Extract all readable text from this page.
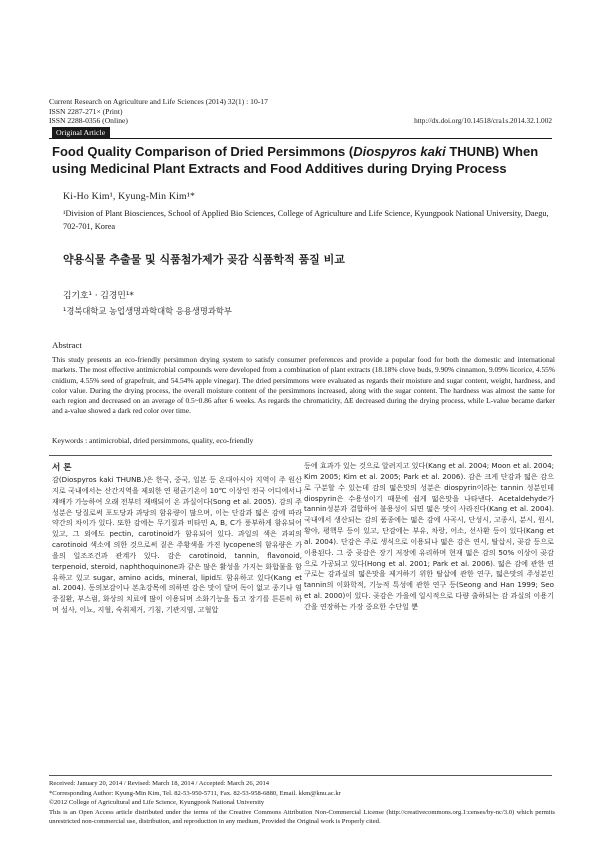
Current Research on Agriculture and Life Sciences (2014) 32(1) : 10-17
ISSN 2287-271× (Print)
ISSN 2288-0356 (Online)	http://dx.doi.org/10.14518/cra1s.2014.32.1.002
Original Article
Food Quality Comparison of Dried Persimmons (Diospyros kaki THUNB) When using Medicinal Plant Extracts and Food Additives during Drying Process
Ki-Ho Kim¹, Kyung-Min Kim¹*
¹Division of Plant Biosciences, School of Applied Bio Sciences, College of Agriculture and Life Science, Kyungpook National University, Daegu, 702-701, Korea
약용식물 추출물 및 식품첨가제가 곶감 식품학적 품질 비교
김기호¹ · 김경민¹*
¹경북대학교 농업생명과학대학 응용생명과학부
Abstract
This study presents an eco-friendly persimmon drying system to satisfy consumer preferences and provide a popular food for both the domestic and international markets. The most effective antimicrobial compounds were developed from a combination of plant extracts (18.18% clove buds, 9.90% cinnamon, 9.09% licorice, 4.55% cnidium, 4.55% seed of grapefruit, and 54.54% apple vinegar). The dried persimmons were evaluated as regards their moisture and sugar content, weight, hardness, and color value. During the drying process, the overall moisture content of the persimmons increased, along with the sugar content. The hardness was almost the same for each region and decreased on an average of 0.5~0.86 after 6 weeks. As regards the chromaticity, ΔE decreased during the drying process, while L-value became darker and a-value showed a dark red color over time.
Keywords : antimicrobial, dried persimmons, quality, eco-friendly
서 론
감(Diospyros kaki THUNB.)은 한국, 중국, 일본 등 온대아시아 지역이 주 원산지로 국내에서는 산간지역을 제외한 연 평균기온이 10℃ 이상인 전국 어디에서나 재배가 가능하여 오래 전부터 재배되어 온 과실이다(Song et al. 2005). 감의 주성분은 당질로써 포도당과 과당의 함유량이 많으며, 이는 단감과 떫은 감에 따라 약간의 차이가 있다. 또한 감에는 무기질과 비타민 A, B, C가 풍부하게 함유되어 있고, 그 외에도 pectin, carotinoid가 함유되어 있다. 과일의 색은 과피의 carotinoid 색소에 의한 것으로써 짙은 주황색을 가진 lycopene의 함유량은 가을의 일조조건과 관계가 있다. 감은 carotinoid, tannin, flavonoid, terpenoid, steroid, naphthoquinone과 같은 많은 활성을 가지는 화합물을 함유하고 있고 sugar, amino acids, mineral, lipid도 함유하고 있다(Kang et al. 2004). 동의보감이나 본초강목에 의하면 감은 맛이 달며 독이 없고 종기나 염증질환, 부스럼, 화상의 치료에 많이 이용되며 소화기능을 돕고 장기를 튼튼히 하며 설사, 이뇨, 지혈, 숙취제거, 기침, 기관지염, 고혈압
등에 효과가 있는 것으로 알려지고 있다(Kang et al. 2004; Moon et al. 2004; Kim 2005; Kim et al. 2005; Park et al. 2006). 감은 크게 단감과 떫은 감으로 구분할 수 있는데 감의 떫은맛의 성분은 diospyrin이라는 tannin 성분인데 diospyrin은 수용성이기 때문에 쉽게 떫은맛을 나타낸다. Acetaldehyde가 tannin성분과 결합하여 불용성이 되면 떫은 맛이 사라진다(Kang et al. 2004). 국내에서 생산되는 감의 품종에는 떫은 감에 사곡시, 단성시, 고종시, 분시, 원시, 황야, 평핵무 등이 있고, 단감에는 부유, 차랑, 어소, 선사환 등이 있다(Kang et al. 2004). 단감은 주로 생식으로 이용되나 떫은 감은 연시, 탈삽시, 곶감 등으로 이용된다. 그 중 곶감은 장기 저장에 유리하며 현재 떫은 감의 50% 이상이 곶감으로 가공되고 있다(Hong et al. 2001; Park et al. 2006). 떫은 감에 관한 연구로는 감과실의 떫은맛을 제거하기 위한 탈삽에 관한 연구, 떫은맛의 주성분인 tannin의 이화학적, 기능적 특성에 관한 연구 등(Seong and Han 1999; Seo et al. 2000)이 있다. 곶감은 가을에 일시적으로 다량 출하되는 감 과실의 이용기간을 연장하는 가장 중요한 수단일 뿐
Received: January 20, 2014 / Revised: March 18, 2014 / Accepted: March 26, 2014
*Corresponding Author: Kyung-Min Kim, Tel. 82-53-950-5711, Fax. 82-53-958-6880, Email. kkm@knu.ac.kr
©2012 College of Agricultural and Life Science, Kyungpook National University
This is an Open Access article distributed under the terms of the Creative Commons Attribution Non-Commercial License (http://creativecommons.org.1:censes/by-nc/3.0) which permits unrestricted non-commercial use, distribution, and reproduction in any medium, Provided the Original work is Properly cited.
